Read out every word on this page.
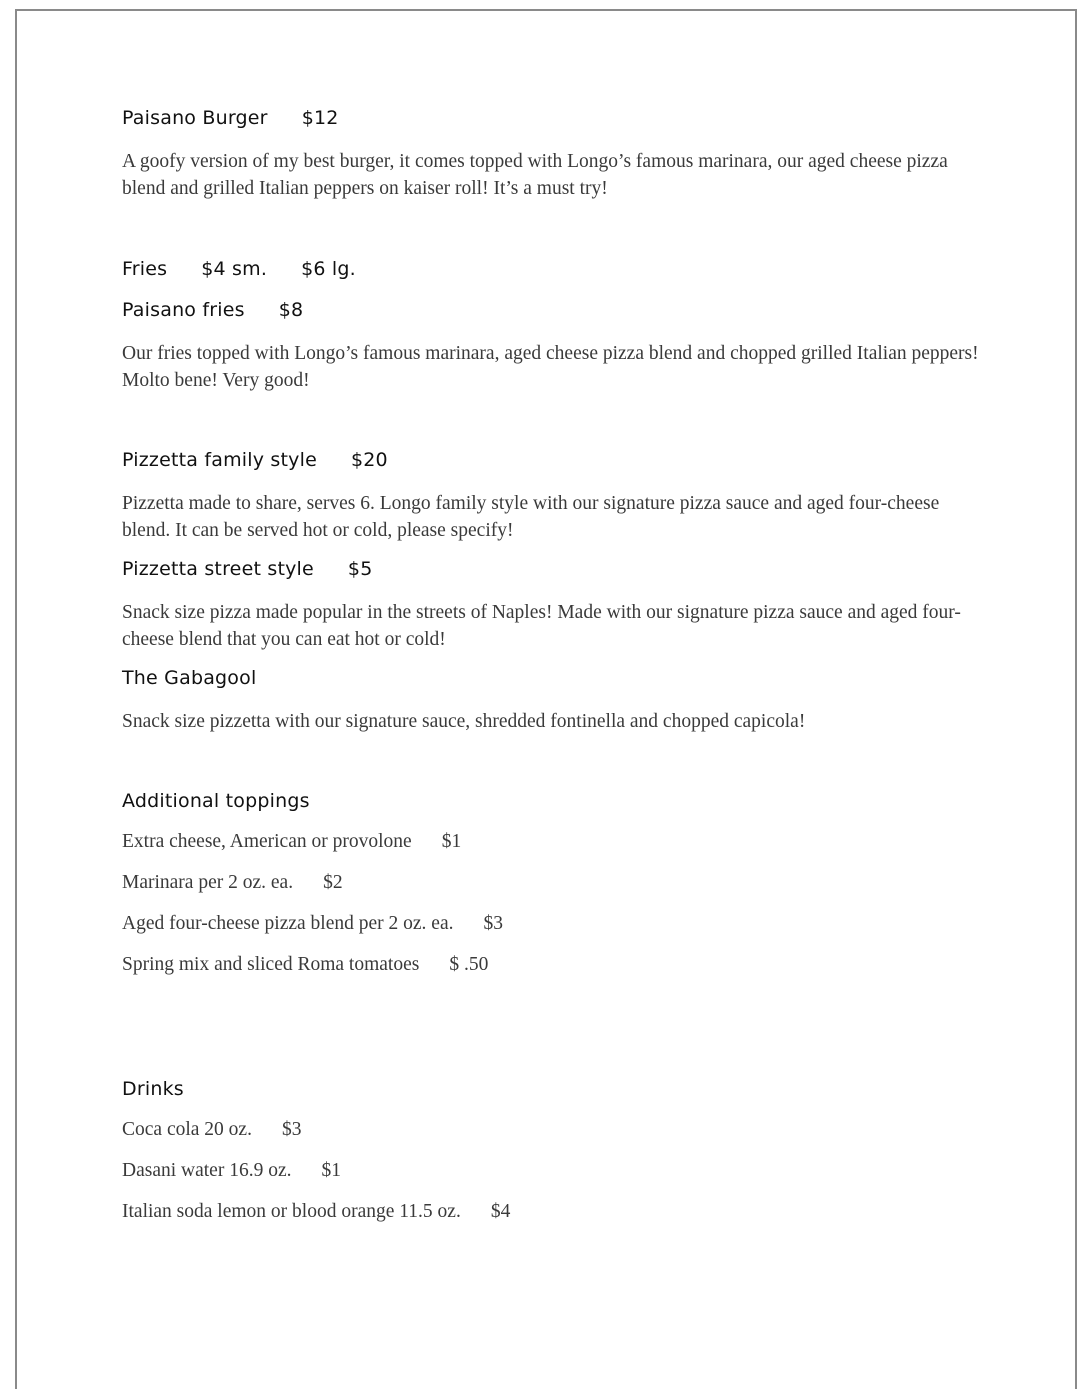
Paisano Burger $12
A goofy version of my best burger, it comes topped with Longo’s famous marinara, our aged cheese pizza blend and grilled Italian peppers on kaiser roll! It’s a must try!
Fries $4 sm. $6 lg.
Paisano fries $8
Our fries topped with Longo’s famous marinara, aged cheese pizza blend and chopped grilled Italian peppers! Molto bene! Very good!
Pizzetta family style $20
Pizzetta made to share, serves 6. Longo family style with our signature pizza sauce and aged four-cheese blend. It can be served hot or cold, please specify!
Pizzetta street style $5
Snack size pizza made popular in the streets of Naples! Made with our signature pizza sauce and aged four-cheese blend that you can eat hot or cold!
The Gabagool
Snack size pizzetta with our signature sauce, shredded fontinella and chopped capicola!
Additional toppings
Extra cheese, American or provolone $1
Marinara per 2 oz. ea. $2
Aged four-cheese pizza blend per 2 oz. ea. $3
Spring mix and sliced Roma tomatoes $ .50
Drinks
Coca cola 20 oz. $3
Dasani water 16.9 oz. $1
Italian soda lemon or blood orange 11.5 oz. $4
